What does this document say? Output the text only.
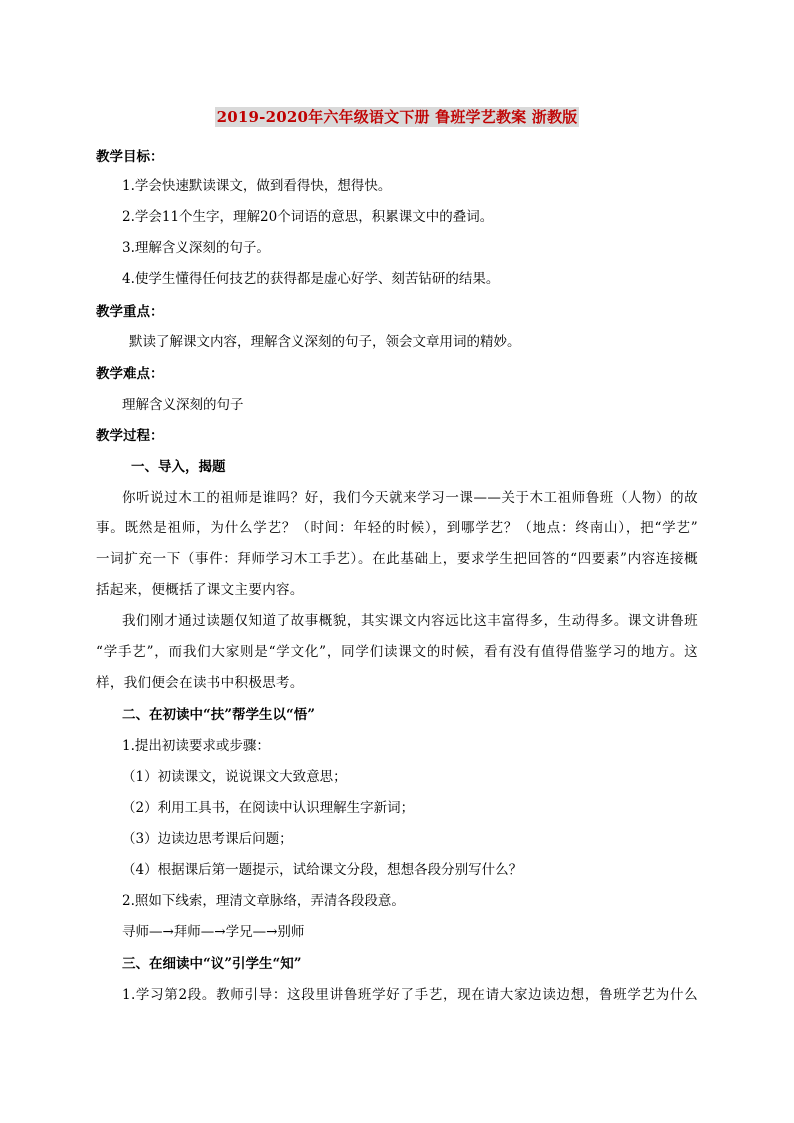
2019-2020年六年级语文下册 鲁班学艺教案 浙教版
教学目标：
1.学会快速默读课文，做到看得快，想得快。
2.学会11个生字，理解20个词语的意思，积累课文中的叠词。
3.理解含义深刻的句子。
4.使学生懂得任何技艺的获得都是虚心好学、刻苦钻研的结果。
教学重点：
默读了解课文内容，理解含义深刻的句子，领会文章用词的精妙。
教学难点：
理解含义深刻的句子
教学过程：
一、导入，揭题
你听说过木工的祖师是谁吗？好，我们今天就来学习一课——关于木工祖师鲁班（人物）的故
事。既然是祖师，为什么学艺？（时间：年轻的时候），到哪学艺？（地点：终南山），把“学艺”
一词扩充一下（事件：拜师学习木工手艺）。在此基础上，要求学生把回答的“四要素”内容连接概
括起来，便概括了课文主要内容。
我们刚才通过读题仅知道了故事概貌，其实课文内容远比这丰富得多，生动得多。课文讲鲁班
“学手艺”，而我们大家则是“学文化”，同学们读课文的时候，看有没有值得借鉴学习的地方。这
样，我们便会在读书中积极思考。
二、在初读中“扶”帮学生以“悟”
1.提出初读要求或步骤：
（1）初读课文，说说课文大致意思；
（2）利用工具书，在阅读中认识理解生字新词；
（3）边读边思考课后问题；
（4）根据课后第一题提示，试给课文分段，想想各段分别写什么？
2.照如下线索，理清文章脉络，弄清各段段意。
寻师—→拜师—→学兄—→别师
三、在细读中“议”引学生“知”
1.学习第2段。教师引导：这段里讲鲁班学好了手艺，现在请大家边读边想，鲁班学艺为什么
